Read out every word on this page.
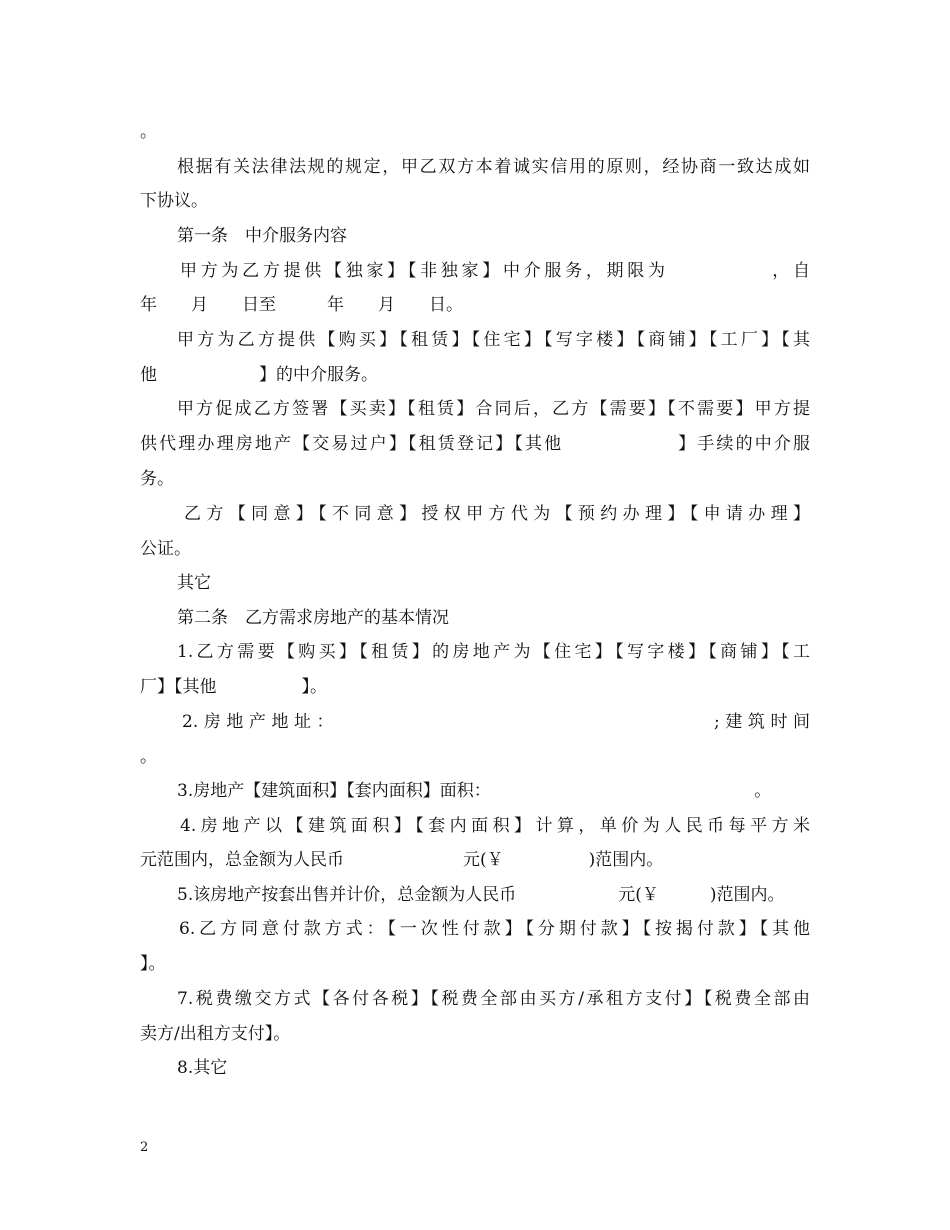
。
根据有关法律法规的规定，甲乙双方本着诚实信用的原则，经协商一致达成如
下协议。
第一条　中介服务内容
甲方为乙方提供【独家】【非独家】中介服务，期限为　　　　　，自
年　　月　　日至　　　年　　月　　日。
甲方为乙方提供【购买】【租赁】【住宅】【写字楼】【商铺】【工厂】【其
他　　　　　　】的中介服务。
甲方促成乙方签署【买卖】【租赁】合同后，乙方【需要】【不需要】甲方提
供代理办理房地产【交易过户】【租赁登记】【其他　　　　　　】手续的中介服
务。
乙方【同意】【不同意】授权甲方代为【预约办理】【申请办理】
公证。
其它
第二条　乙方需求房地产的基本情况
1.乙方需要【购买】【租赁】的房地产为【住宅】【写字楼】【商铺】【工
厂】【其他　　　　　】。
2.房地产地址：　　　　　　　　　　　　　　　　　;建筑时间
。
3.房地产【建筑面积】【套内面积】面积：　　　　　　　　　　　　　　　　。
4.房地产以【建筑面积】【套内面积】计算，单价为人民币每平方米
元范围内，总金额为人民币　　　　　　　元(￥　　　　　)范围内。
5.该房地产按套出售并计价，总金额为人民币　　　　　　元(￥　　　)范围内。
6.乙方同意付款方式：【一次性付款】【分期付款】【按揭付款】【其他
】。
7.税费缴交方式【各付各税】【税费全部由买方/承租方支付】【税费全部由
卖方/出租方支付】。
8.其它
2
